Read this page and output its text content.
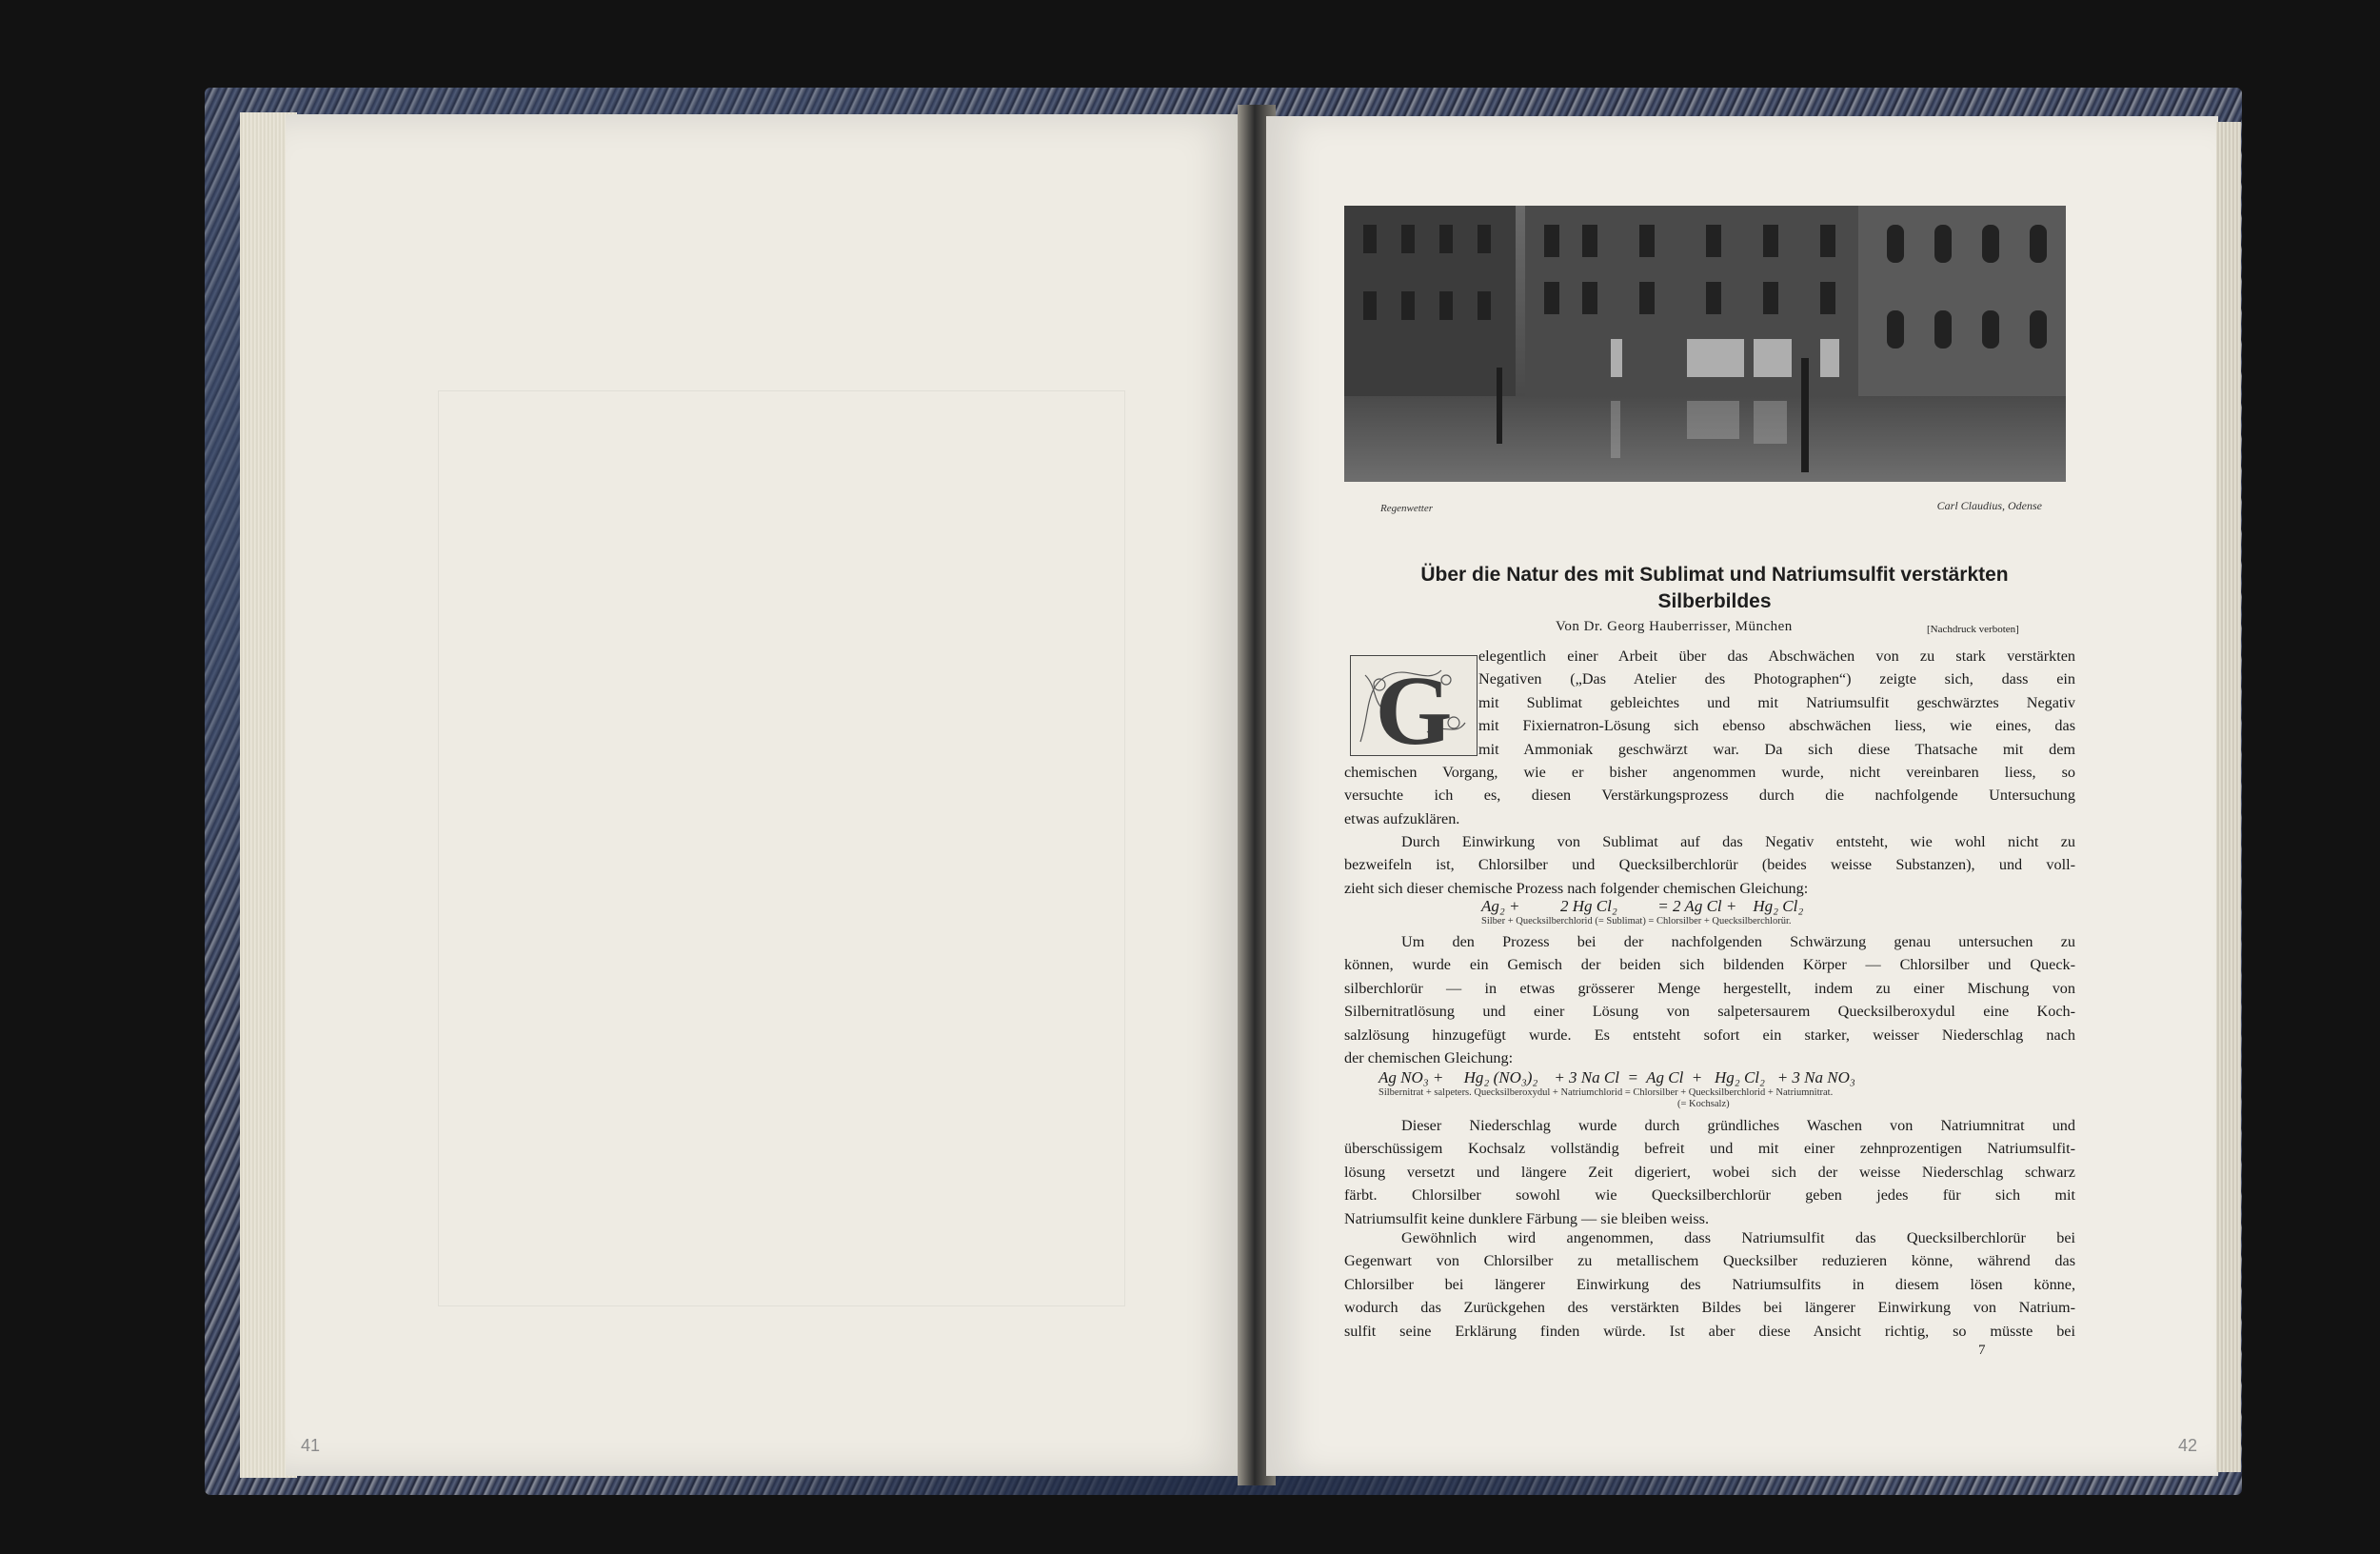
Regenwetter	Carl Claudius, Odense
Über die Natur des mit Sublimat und Natriumsulfit verstärkten
Silberbildes
Von Dr. Georg Hauberrisser, München	[Nachdruck verboten]
G elegentlich einer Arbeit über das Abschwächen von zu stark verstärkten
Negativen („Das Atelier des Photographen“) zeigte sich, dass ein
mit Sublimat gebleichtes und mit Natriumsulfit geschwärztes Negativ
mit Fixiernatron-Lösung sich ebenso abschwächen liess, wie eines, das
mit Ammoniak geschwärzt war. Da sich diese Thatsache mit dem
chemischen Vorgang, wie er bisher angenommen wurde, nicht vereinbaren liess, so
versuchte ich es, diesen Verstärkungsprozess durch die nachfolgende Untersuchung
etwas aufzuklären.
Durch Einwirkung von Sublimat auf das Negativ entsteht, wie wohl nicht zu
bezweifeln ist, Chlorsilber und Quecksilberchlorür (beides weisse Substanzen), und voll-
zieht sich dieser chemische Prozess nach folgender chemischen Gleichung:
Ag₂ +          2 Hg Cl₂          = 2 Ag Cl +    Hg₂ Cl₂
Silber + Quecksilberchlorid (= Sublimat) = Chlorsilber + Quecksilberchlorür.
Um den Prozess bei der nachfolgenden Schwärzung genau untersuchen zu
können, wurde ein Gemisch der beiden sich bildenden Körper — Chlorsilber und Queck-
silberchlorür — in etwas grösserer Menge hergestellt, indem zu einer Mischung von
Silbernitratlösung und einer Lösung von salpetersaurem Quecksilberoxydul eine Koch-
salzlösung hinzugefügt wurde. Es entsteht sofort ein starker, weisser Niederschlag nach
der chemischen Gleichung:
Ag NO₃ +     Hg₂ (NO₃)₂    + 3 Na Cl  =  Ag Cl  +   Hg₂ Cl₂   + 3 Na NO₃
Silbernitrat + salpeters. Quecksilberoxydul + Natriumchlorid = Chlorsilber + Quecksilberchlorid + Natriumnitrat.
(= Kochsalz)
Dieser Niederschlag wurde durch gründliches Waschen von Natriumnitrat und
überschüssigem Kochsalz vollständig befreit und mit einer zehnprozentigen Natriumsulfit-
lösung versetzt und längere Zeit digeriert, wobei sich der weisse Niederschlag schwarz
färbt. Chlorsilber sowohl wie Quecksilberchlorür geben jedes für sich mit
Natriumsulfit keine dunklere Färbung — sie bleiben weiss.
Gewöhnlich wird angenommen, dass Natriumsulfit das Quecksilberchlorür bei
Gegenwart von Chlorsilber zu metallischem Quecksilber reduzieren könne, während das
Chlorsilber bei längerer Einwirkung des Natriumsulfits in diesem lösen könne,
wodurch das Zurückgehen des verstärkten Bildes bei längerer Einwirkung von Natrium-
sulfit seine Erklärung finden würde. Ist aber diese Ansicht richtig, so müsste bei
7
41	42
